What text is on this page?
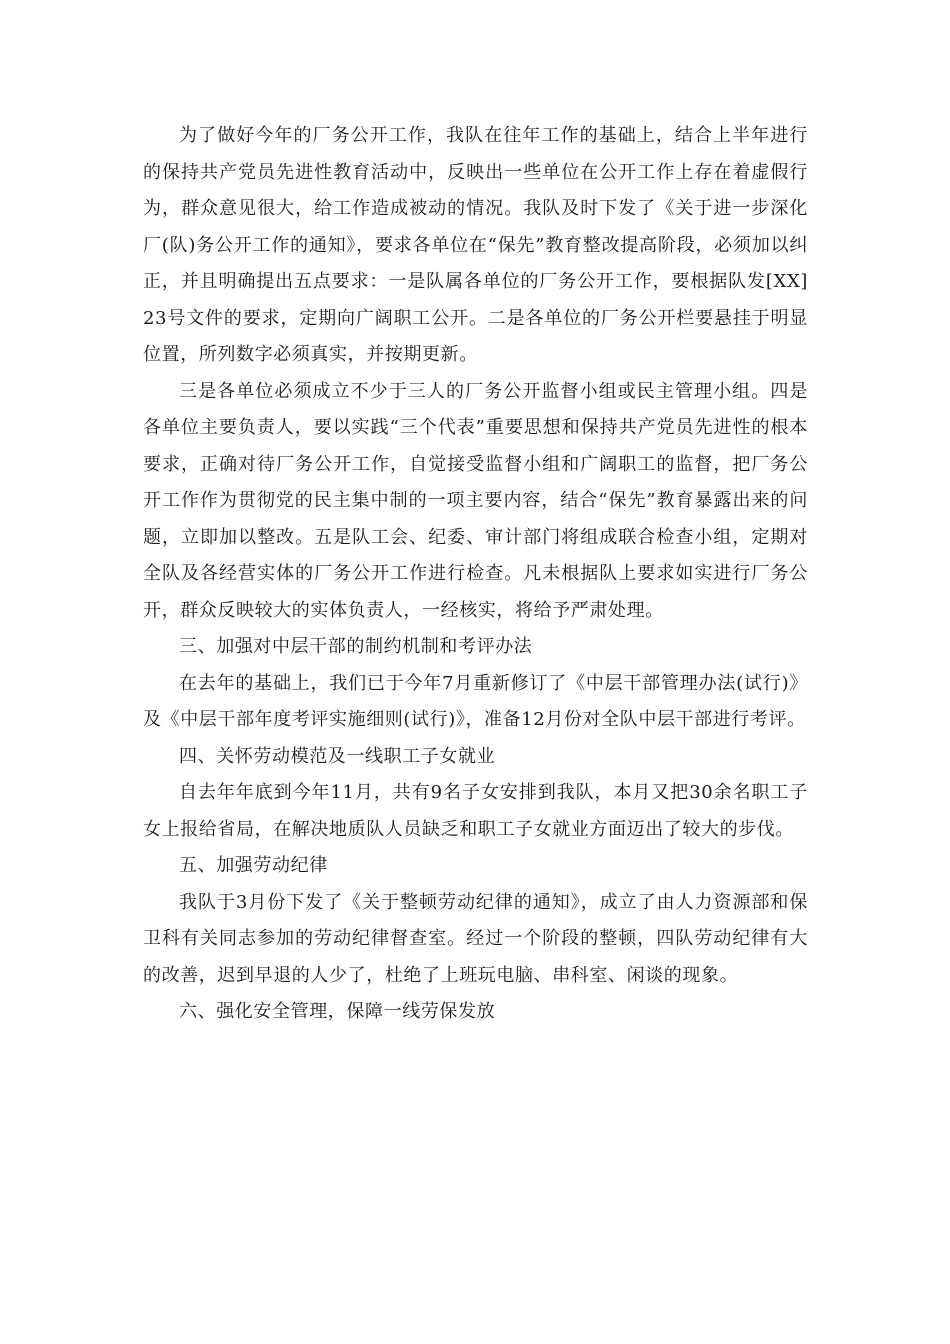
为了做好今年的厂务公开工作，我队在往年工作的基础上，结合上半年进行的保持共产党员先进性教育活动中，反映出一些单位在公开工作上存在着虚假行为，群众意见很大，给工作造成被动的情况。我队及时下发了《关于进一步深化厂(队)务公开工作的通知》，要求各单位在“保先”教育整改提高阶段，必须加以纠正，并且明确提出五点要求：一是队属各单位的厂务公开工作，要根据队发[XX]23号文件的要求，定期向广阔职工公开。二是各单位的厂务公开栏要悬挂于明显位置，所列数字必须真实，并按期更新。

三是各单位必须成立不少于三人的厂务公开监督小组或民主管理小组。四是各单位主要负责人，要以实践“三个代表”重要思想和保持共产党员先进性的根本要求，正确对待厂务公开工作，自觉接受监督小组和广阔职工的监督，把厂务公开工作作为贯彻党的民主集中制的一项主要内容，结合“保先”教育暴露出来的问题，立即加以整改。五是队工会、纪委、审计部门将组成联合检查小组，定期对全队及各经营实体的厂务公开工作进行检查。凡未根据队上要求如实进行厂务公开，群众反映较大的实体负责人，一经核实，将给予严肃处理。

三、加强对中层干部的制约机制和考评办法

在去年的基础上，我们已于今年7月重新修订了《中层干部管理办法(试行)》及《中层干部年度考评实施细则(试行)》，准备12月份对全队中层干部进行考评。

四、关怀劳动模范及一线职工子女就业

自去年年底到今年11月，共有9名子女安排到我队，本月又把30余名职工子女上报给省局，在解决地质队人员缺乏和职工子女就业方面迈出了较大的步伐。

五、加强劳动纪律

我队于3月份下发了《关于整顿劳动纪律的通知》，成立了由人力资源部和保卫科有关同志参加的劳动纪律督查室。经过一个阶段的整顿，四队劳动纪律有大的改善，迟到早退的人少了，杜绝了上班玩电脑、串科室、闲谈的现象。

六、强化安全管理，保障一线劳保发放
